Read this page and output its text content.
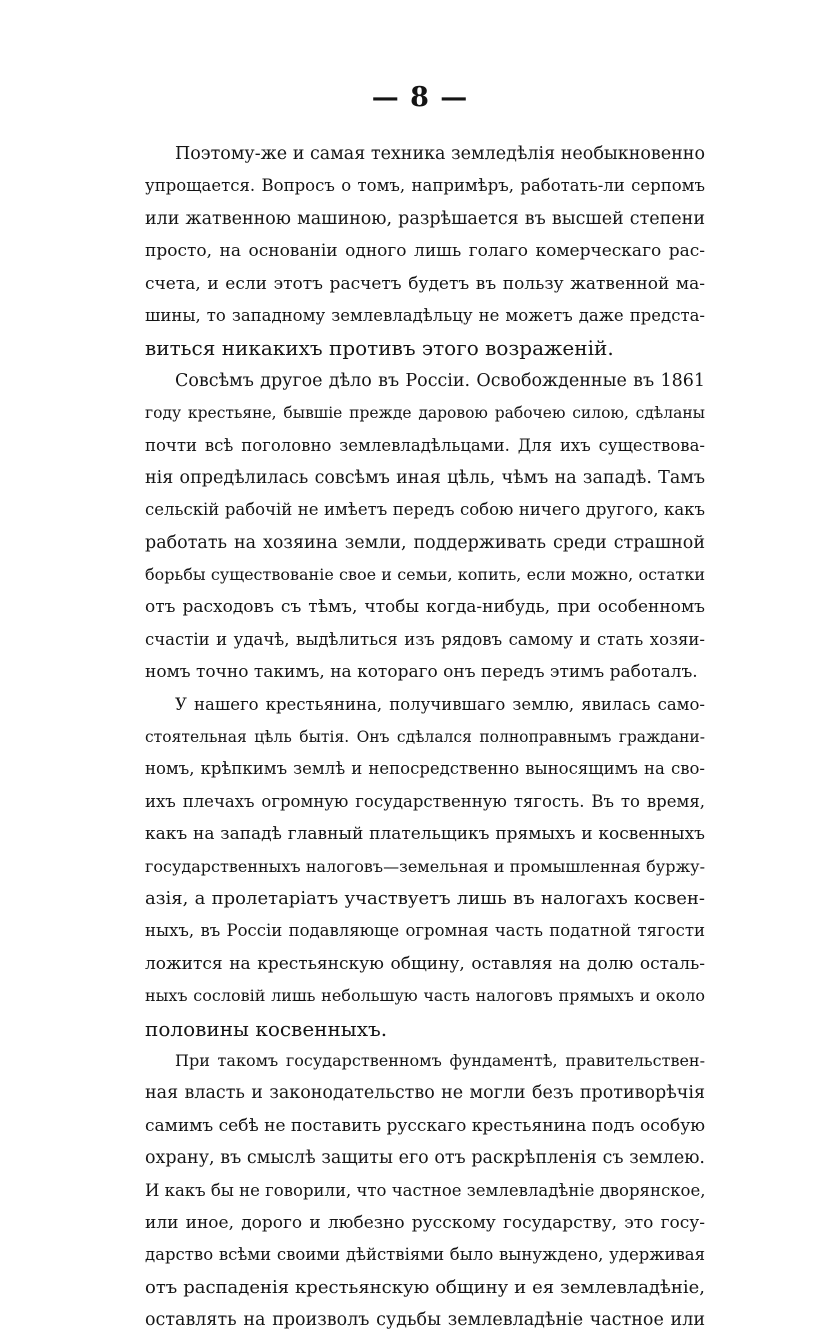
— 8 —

Поэтому-же и самая техника земледѣлія необыкновенно
упрощается. Вопросъ о томъ, напримѣръ, работать-ли серпомъ
или жатвенною машиною, разрѣшается въ высшей степени
просто, на основаніи одного лишь голаго комерческаго рас-
счета, и если этотъ расчетъ будетъ въ пользу жатвенной ма-
шины, то западному землевладѣльцу не можетъ даже предста-
виться никакихъ противъ этого возраженій.

Совсѣмъ другое дѣло въ Россіи. Освобожденные въ 1861
году крестьяне, бывшіе прежде даровою рабочею силою, сдѣланы
почти всѣ поголовно землевладѣльцами. Для ихъ существова-
нія опредѣлилась совсѣмъ иная цѣль, чѣмъ на западѣ. Тамъ
сельскій рабочій не имѣетъ передъ собою ничего другого, какъ
работать на хозяина земли, поддерживать среди страшной
борьбы существованіе свое и семьи, копить, если можно, остатки
отъ расходовъ съ тѣмъ, чтобы когда-нибудь, при особенномъ
счастіи и удачѣ, выдѣлиться изъ рядовъ самому и стать хозяи-
номъ точно такимъ, на котораго онъ передъ этимъ работалъ.

У нашего крестьянина, получившаго землю, явилась само-
стоятельная цѣль бытія. Онъ сдѣлался полноправнымъ граждани-
номъ, крѣпкимъ землѣ и непосредственно выносящимъ на сво-
ихъ плечахъ огромную государственную тягость. Въ то время,
какъ на западѣ главный плательщикъ прямыхъ и косвенныхъ
государственныхъ налоговъ—земельная и промышленная буржу-
азія, а пролетаріатъ участвуетъ лишь въ налогахъ косвен-
ныхъ, въ Россіи подавляюще огромная часть податной тягости
ложится на крестьянскую общину, оставляя на долю осталь-
ныхъ сословій лишь небольшую часть налоговъ прямыхъ и около
половины косвенныхъ.

При такомъ государственномъ фундаментѣ, правительствен-
ная власть и законодательство не могли безъ противорѣчія
самимъ себѣ не поставить русскаго крестьянина подъ особую
охрану, въ смыслѣ защиты его отъ раскрѣпленія съ землею.
И какъ бы не говорили, что частное землевладѣніе дворянское,
или иное, дорого и любезно русскому государству, это госу-
дарство всѣми своими дѣйствіями было вынуждено, удерживая
отъ распаденія крестьянскую общину и ея землевладѣніе,
оставлять на произволъ судьбы землевладѣніе частное или
